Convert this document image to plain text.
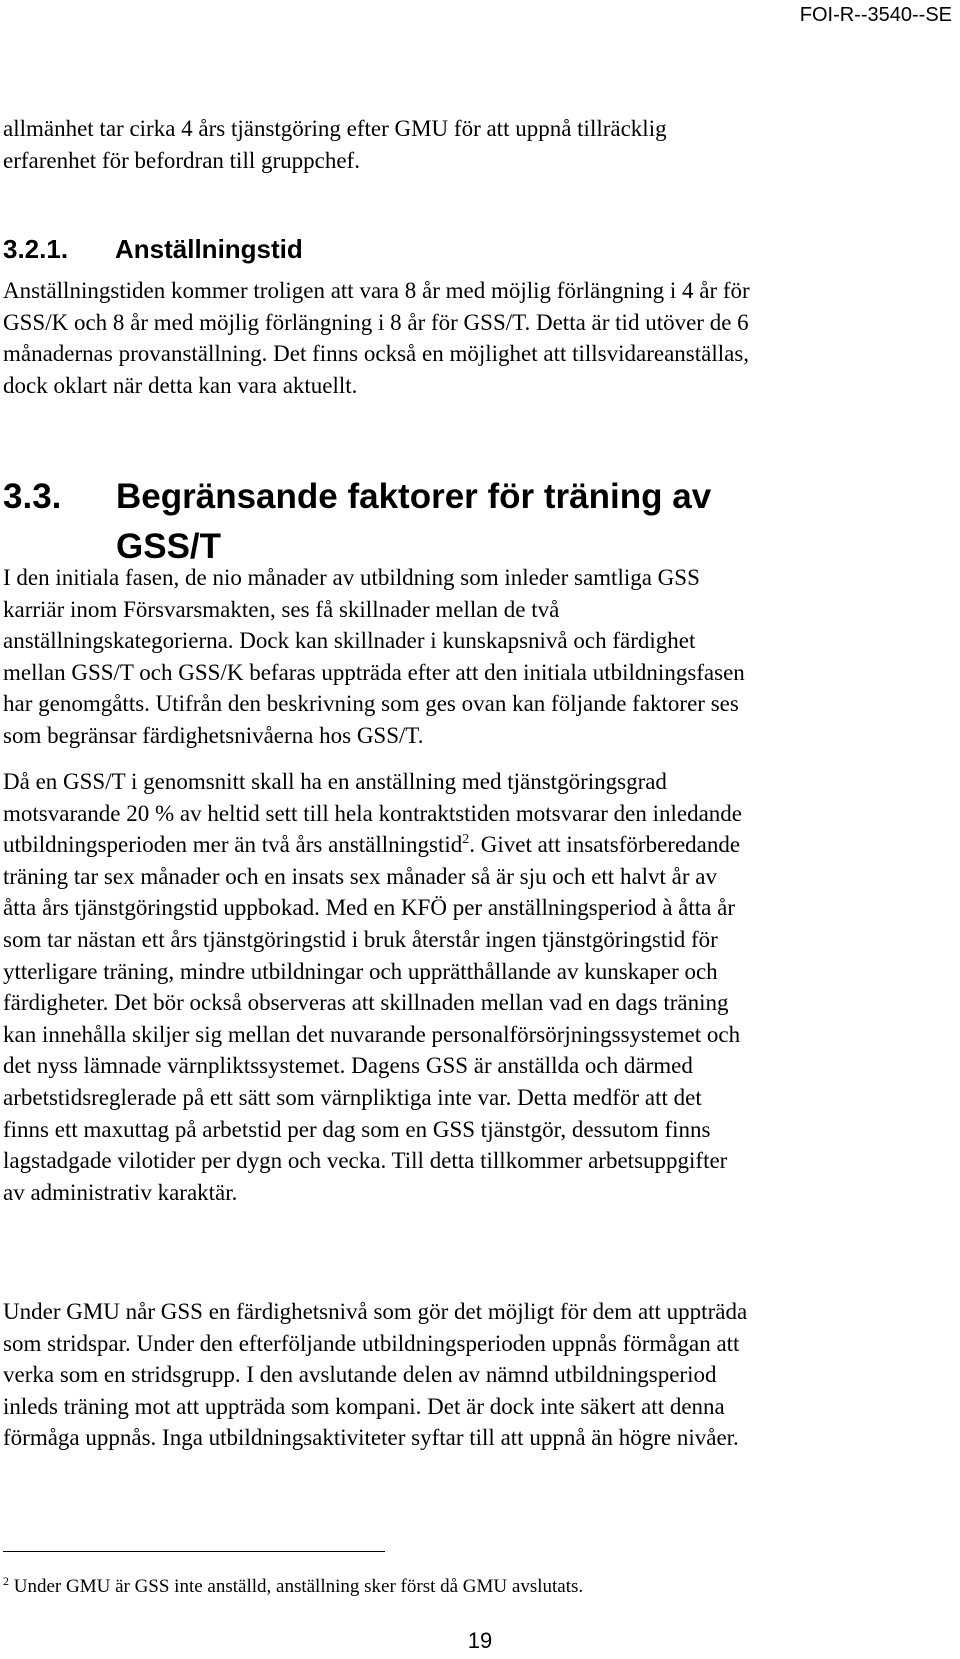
FOI-R--3540--SE
allmänhet tar cirka 4 års tjänstgöring efter GMU för att uppnå tillräcklig
erfarenhet för befordran till gruppchef.
3.2.1. Anställningstid
Anställningstiden kommer troligen att vara 8 år med möjlig förlängning i 4 år för
GSS/K och 8 år med möjlig förlängning i 8 år för GSS/T. Detta är tid utöver de 6
månadernas provanställning. Det finns också en möjlighet att tillsvidareanställas,
dock oklart när detta kan vara aktuellt.
3.3. Begränsande faktorer för träning av
GSS/T
I den initiala fasen, de nio månader av utbildning som inleder samtliga GSS
karriär inom Försvarsmakten, ses få skillnader mellan de två
anställningskategorierna. Dock kan skillnader i kunskapsnivå och färdighet
mellan GSS/T och GSS/K befaras uppträda efter att den initiala utbildningsfasen
har genomgåtts. Utifrån den beskrivning som ges ovan kan följande faktorer ses
som begränsar färdighetsnivåerna hos GSS/T.
Då en GSS/T i genomsnitt skall ha en anställning med tjänstgöringsgrad
motsvarande 20 % av heltid sett till hela kontraktstiden motsvarar den inledande
utbildningsperioden mer än två års anställningstid$^2$. Givet att insatsförberedande
träning tar sex månader och en insats sex månader så är sju och ett halvt år av
åtta års tjänstgöringstid uppbokad. Med en KFÖ per anställningsperiod à åtta år
som tar nästan ett års tjänstgöringstid i bruk återstår ingen tjänstgöringstid för
ytterligare träning, mindre utbildningar och upprätthållande av kunskaper och
färdigheter. Det bör också observeras att skillnaden mellan vad en dags träning
kan innehålla skiljer sig mellan det nuvarande personalförsörjningssystemet och
det nyss lämnade värnpliktssystemet. Dagens GSS är anställda och därmed
arbetstidsreglerade på ett sätt som värnpliktiga inte var. Detta medför att det
finns ett maxuttag på arbetstid per dag som en GSS tjänstgör, dessutom finns
lagstadgade vilotider per dygn och vecka. Till detta tillkommer arbetsuppgifter
av administrativ karaktär.
Under GMU når GSS en färdighetsnivå som gör det möjligt för dem att uppträda
som stridspar. Under den efterföljande utbildningsperioden uppnås förmågan att
verka som en stridsgrupp. I den avslutande delen av nämnd utbildningsperiod
inleds träning mot att uppträda som kompani. Det är dock inte säkert att denna
förmåga uppnås. Inga utbildningsaktiviteter syftar till att uppnå än högre nivåer.
$^2$ Under GMU är GSS inte anställd, anställning sker först då GMU avslutats.
19
